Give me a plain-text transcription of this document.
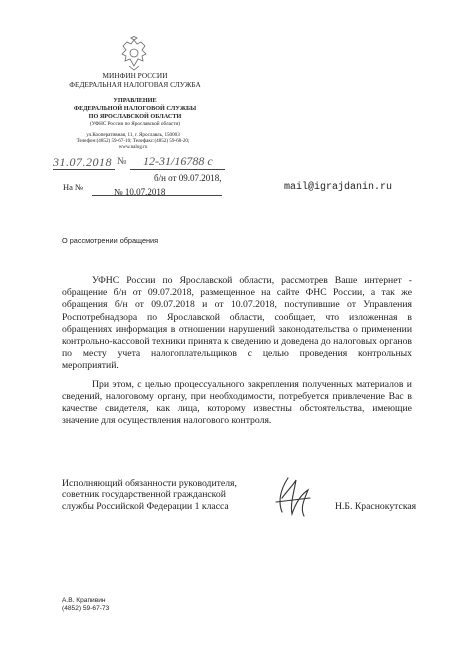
МИНФИН РОССИИ
ФЕДЕРАЛЬНАЯ НАЛОГОВАЯ СЛУЖБА
УПРАВЛЕНИЕ
ФЕДЕРАЛЬНОЙ НАЛОГОВОЙ СЛУЖБЫ
ПО ЯРОСЛАВСКОЙ ОБЛАСТИ
(УФНС России по Ярославской области)
ул.Кооперативная, 11, г. Ярославль, 150003
Телефон:(4852) 59-67-10; Телефакс:(4852) 59-68-20;
www.nalog.ru
31.07.2018 № 12-31/16788 с
На №
б/н от 09.07.2018,
№ 10.07.2018	mail@igrajdanin.ru
О рассмотрении обращения

УФНС России по Ярославской области, рассмотрев Ваше интернет - обращение б/н от 09.07.2018, размещенное на сайте ФНС России, а так же обращения б/н от 09.07.2018 и от 10.07.2018, поступившие от Управления Роспотребнадзора по Ярославской области, сообщает, что изложенная в обращениях информация в отношении нарушений законодательства о применении контрольно-кассовой техники принята к сведению и доведена до налоговых органов по месту учета налогоплательщиков с целью проведения контрольных мероприятий.

При этом, с целью процессуального закрепления полученных материалов и сведений, налоговому органу, при необходимости, потребуется привлечение Вас в качестве свидетеля, как лица, которому известны обстоятельства, имеющие значение для осуществления налогового контроля.

Исполняющий обязанности руководителя,
советник государственной гражданской
службы Российской Федерации 1 класса	Н.Б. Краснокутская
А.В. Крапивин
(4852) 59-67-73
